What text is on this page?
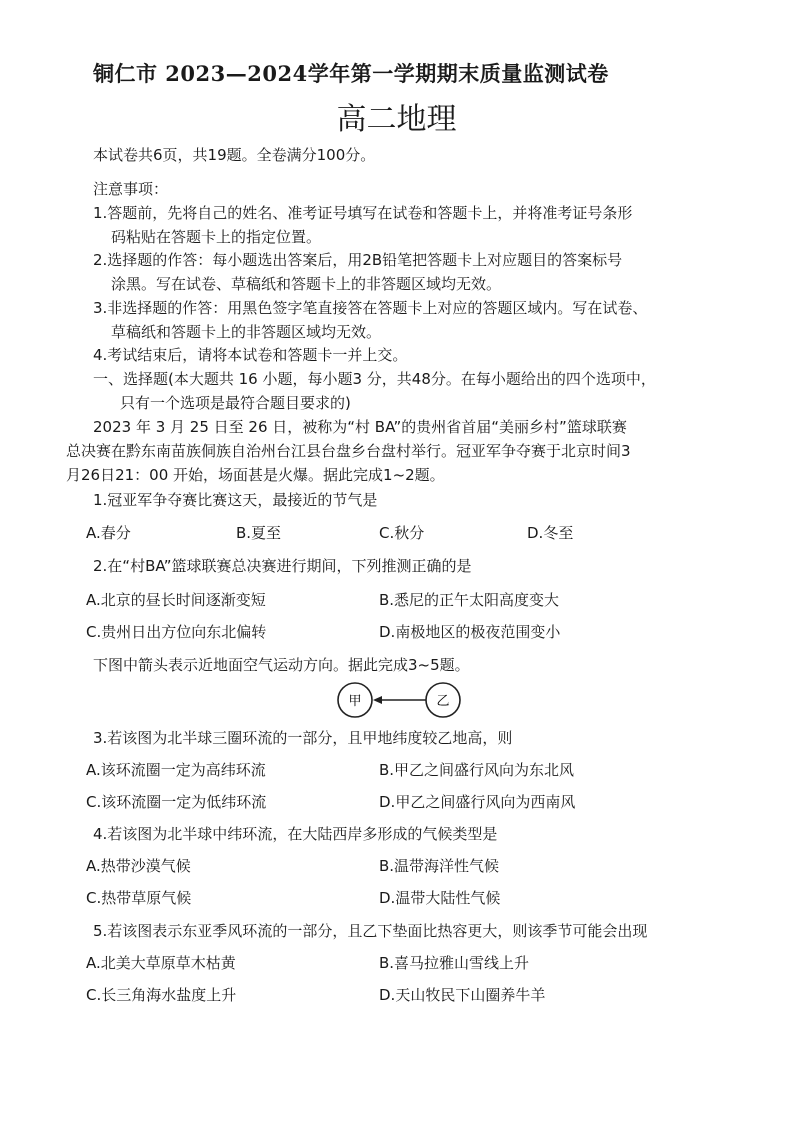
铜仁市 2023—2024学年第一学期期末质量监测试卷
高二地理
本试卷共6页，共19题。全卷满分100分。
注意事项：
1.答题前，先将自己的姓名、准考证号填写在试卷和答题卡上，并将准考证号条形
码粘贴在答题卡上的指定位置。
2.选择题的作答：每小题选出答案后，用2B铅笔把答题卡上对应题目的答案标号
涂黑。写在试卷、草稿纸和答题卡上的非答题区域均无效。
3.非选择题的作答：用黑色签字笔直接答在答题卡上对应的答题区域内。写在试卷、
草稿纸和答题卡上的非答题区域均无效。
4.考试结束后，请将本试卷和答题卡一并上交。
一、选择题(本大题共 16 小题，每小题3 分，共48分。在每小题给出的四个选项中，
只有一个选项是最符合题目要求的)
2023 年 3 月 25 日至 26 日，被称为“村 BA”的贵州省首届“美丽乡村”篮球联赛
总决赛在黔东南苗族侗族自治州台江县台盘乡台盘村举行。冠亚军争夺赛于北京时间3
月26日21：00 开始，场面甚是火爆。据此完成1~2题。
1.冠亚军争夺赛比赛这天，最接近的节气是
A.春分	B.夏至	C.秋分	D.冬至
2.在“村BA”篮球联赛总决赛进行期间，下列推测正确的是
A.北京的昼长时间逐渐变短	B.悉尼的正午太阳高度变大
C.贵州日出方位向东北偏转	D.南极地区的极夜范围变小
下图中箭头表示近地面空气运动方向。据此完成3~5题。
甲	乙
3.若该图为北半球三圈环流的一部分，且甲地纬度较乙地高，则
A.该环流圈一定为高纬环流	B.甲乙之间盛行风向为东北风
C.该环流圈一定为低纬环流	D.甲乙之间盛行风向为西南风
4.若该图为北半球中纬环流，在大陆西岸多形成的气候类型是
A.热带沙漠气候	B.温带海洋性气候
C.热带草原气候	D.温带大陆性气候
5.若该图表示东亚季风环流的一部分，且乙下垫面比热容更大，则该季节可能会出现
A.北美大草原草木枯黄	B.喜马拉雅山雪线上升
C.长三角海水盐度上升	D.天山牧民下山圈养牛羊
